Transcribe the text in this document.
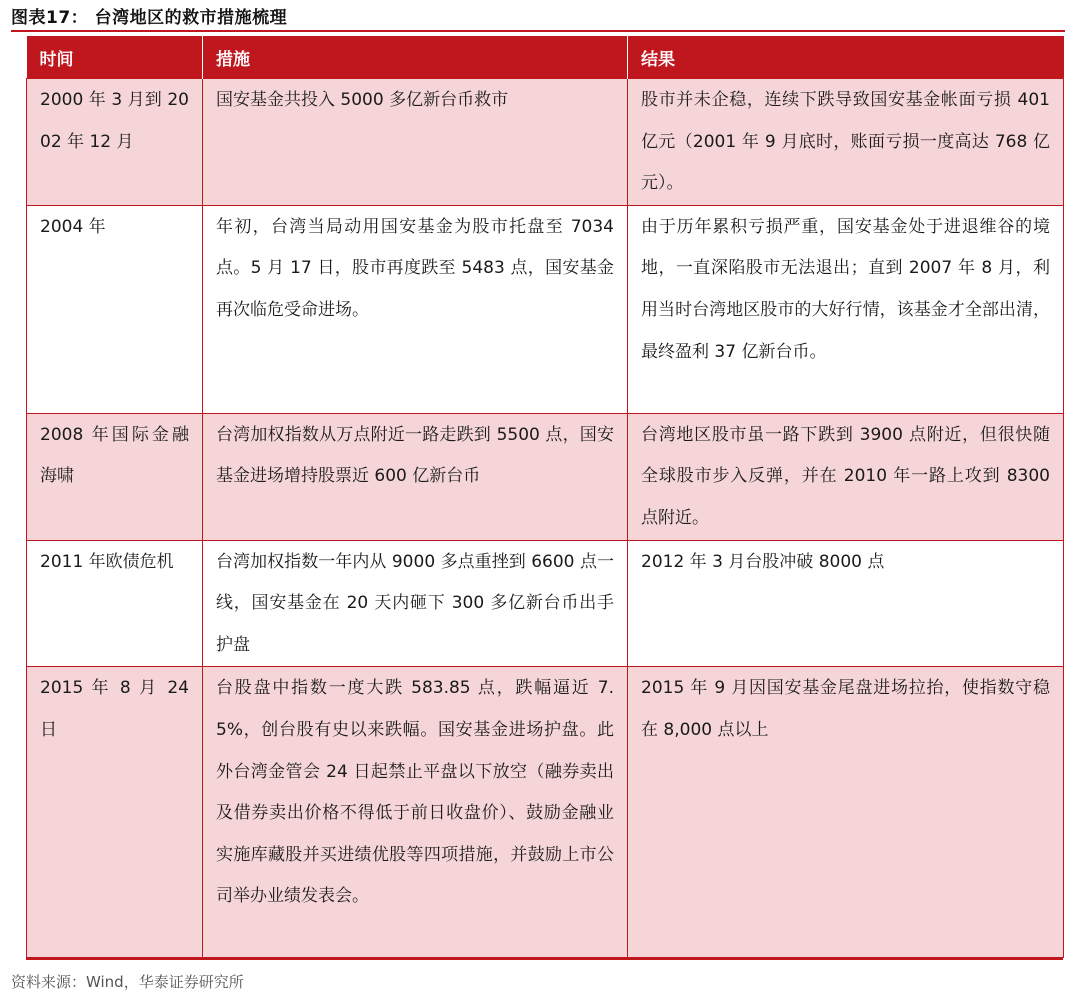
图表17： 台湾地区的救市措施梳理
时间	措施	结果
2000 年 3 月到 2002 年 12 月	国安基金共投入 5000 多亿新台币救市	股市并未企稳，连续下跌导致国安基金帐面亏损 401 亿元（2001 年 9 月底时，账面亏损一度高达 768 亿元）。
2004 年	年初，台湾当局动用国安基金为股市托盘至 7034 点。5 月 17 日，股市再度跌至 5483 点，国安基金再次临危受命进场。	由于历年累积亏损严重，国安基金处于进退维谷的境地，一直深陷股市无法退出；直到 2007 年 8 月，利用当时台湾地区股市的大好行情，该基金才全部出清，最终盈利 37 亿新台币。
2008 年国际金融海啸	台湾加权指数从万点附近一路走跌到 5500 点，国安基金进场增持股票近 600 亿新台币	台湾地区股市虽一路下跌到 3900 点附近，但很快随全球股市步入反弹，并在 2010 年一路上攻到 8300 点附近。
2011 年欧债危机	台湾加权指数一年内从 9000 多点重挫到 6600 点一线，国安基金在 20 天内砸下 300 多亿新台币出手护盘	2012 年 3 月台股冲破 8000 点
2015 年 8 月 24 日	台股盘中指数一度大跌 583.85 点，跌幅逼近 7.5%，创台股有史以来跌幅。国安基金进场护盘。此外台湾金管会 24 日起禁止平盘以下放空（融券卖出及借券卖出价格不得低于前日收盘价）、鼓励金融业实施库藏股并买进绩优股等四项措施，并鼓励上市公司举办业绩发表会。	2015 年 9 月因国安基金尾盘进场拉抬，使指数守稳在 8,000 点以上
资料来源：Wind，华泰证券研究所
